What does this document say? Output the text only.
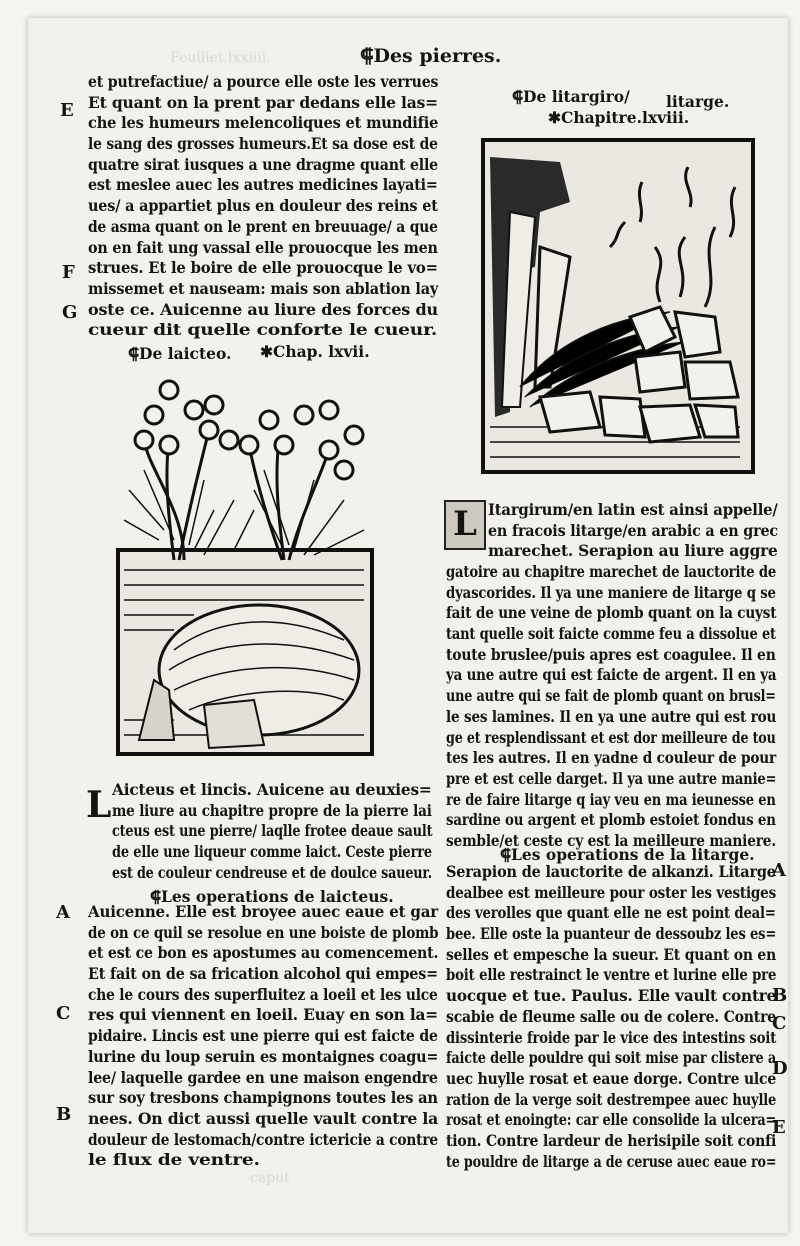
Feuillet.lxxiiii.	⸿Des pierres.
et putrefactiue/ a pource elle oste les verrues
Et quant on la prent par dedans elle las=
che les humeurs melencoliques et mundifie
le sang des grosses humeurs.Et sa dose est de
quatre sirat iusques a une dragme quant elle
est meslee auec les autres medicines layati=
ues/ a appartiet plus en douleur des reins et
de asma quant on le prent en breuuage/ a que
on en fait ung vassal elle prouocque les men
strues. Et le boire de elle prouocque le vo=
missemet et nauseam: mais son ablation lay
oste ce. Auicenne au liure des forces du
cueur dit quelle conforte le cueur.
⸿De laicteo. ✱Chap. lxvii.
L Aicteus et lincis. Auicene au deuxies=
me liure au chapitre propre de la pierre lai
cteus est une pierre/ laqlle frotee deaue sault
de elle une liqueur comme laict. Ceste pierre
est de couleur cendreuse et de doulce saueur.
⸿Les operations de laicteus.
Auicenne. Elle est broyee auec eaue et gar
de on ce quil se resolue en une boiste de plomb
et est ce bon es apostumes au comencement.
Et fait on de sa frication alcohol qui empes=
che le cours des superfluitez a loeil et les ulce
res qui viennent en loeil. Euay en son la=
pidaire. Lincis est une pierre qui est faicte de
lurine du loup seruin es montaignes coagu=
lee/ laquelle gardee en une maison engendre
sur soy tresbons champignons toutes les an
nees. On dict aussi quelle vault contre la
douleur de lestomach/contre ictericie a contre
le flux de ventre.
E
F
G
A
C
B
⸿De litargiro/ litarge.
✱Chapitre.lxviii.
L Itargirum/en latin est ainsi appelle/
en fracois litarge/en arabic a en grec
marechet. Serapion au liure aggre
gatoire au chapitre marechet de lauctorite de
dyascorides. Il ya une maniere de litarge q se
fait de une veine de plomb quant on la cuyst
tant quelle soit faicte comme feu a dissolue et
toute bruslee/puis apres est coagulee. Il en
ya une autre qui est faicte de argent. Il en ya
une autre qui se fait de plomb quant on brusl=
le ses lamines. Il en ya une autre qui est rou
ge et resplendissant et est dor meilleure de tou
tes les autres. Il en yadne d couleur de pour
pre et est celle darget. Il ya une autre manie=
re de faire litarge q iay veu en ma ieunesse en
sardine ou argent et plomb estoiet fondus en
semble/et ceste cy est la meilleure maniere.
⸿Les operations de la litarge.
Serapion de lauctorite de alkanzi. Litarge
dealbee est meilleure pour oster les vestiges
des verolles que quant elle ne est point deal=
bee. Elle oste la puanteur de dessoubz les es=
selles et empesche la sueur. Et quant on en
boit elle restrainct le ventre et lurine elle pre
uocque et tue. Paulus. Elle vault contre
scabie de fleume salle ou de colere. Contre
dissinterie froide par le vice des intestins soit
faicte delle pouldre qui soit mise par clistere a
uec huylle rosat et eaue dorge. Contre ulce
ration de la verge soit destrempee auec huylle
rosat et enoingte: car elle consolide la ulcera=
tion. Contre lardeur de herisipile soit confi
te pouldre de litarge a de ceruse auec eaue ro=
A
B
C
D
E
caput
